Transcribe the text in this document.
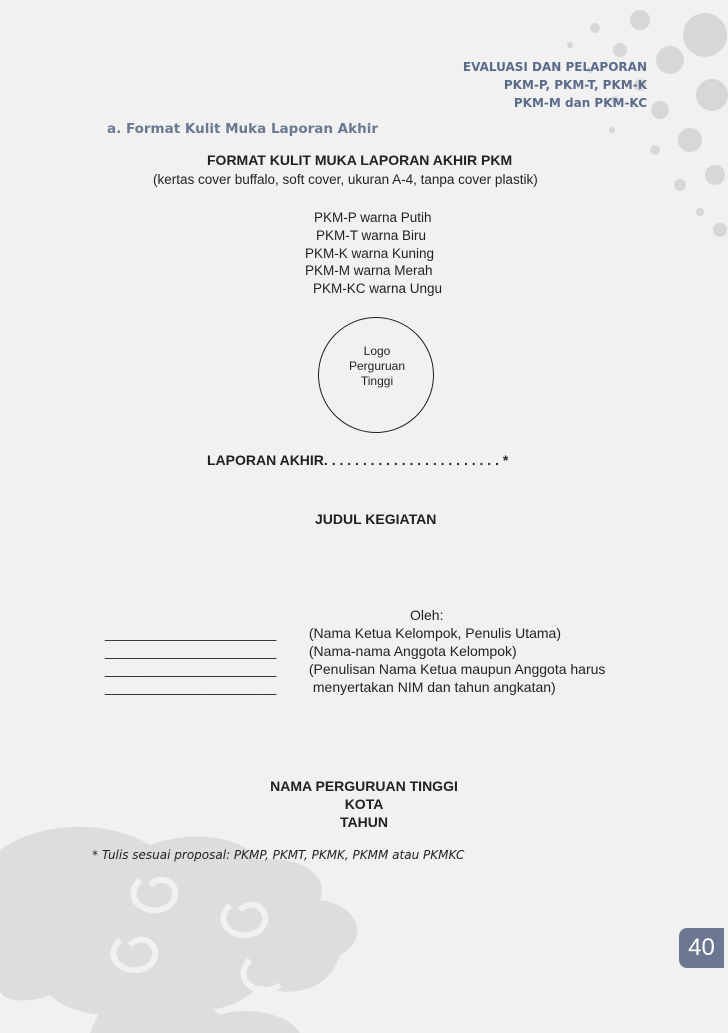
EVALUASI DAN PELAPORAN
PKM-P, PKM-T, PKM-K
PKM-M dan PKM-KC
a. Format Kulit Muka Laporan Akhir
FORMAT KULIT MUKA LAPORAN AKHIR PKM
(kertas cover buffalo, soft cover, ukuran A-4, tanpa cover plastik)
PKM-P warna Putih
PKM-T warna Biru
PKM-K warna Kuning
PKM-M warna Merah
PKM-KC warna Ungu
Logo
Perguruan
Tinggi
LAPORAN AKHIR. . . . . . . . . . . . . . . . . . . . . . . *
JUDUL KEGIATAN
Oleh:
______________________ (Nama Ketua Kelompok, Penulis Utama)
______________________ (Nama-nama Anggota Kelompok)
______________________ (Penulisan Nama Ketua maupun Anggota harus
______________________	menyertakan NIM dan tahun angkatan)
NAMA PERGURUAN TINGGI
KOTA
TAHUN
* Tulis sesuai proposal: PKMP, PKMT, PKMK, PKMM atau PKMKC
40
